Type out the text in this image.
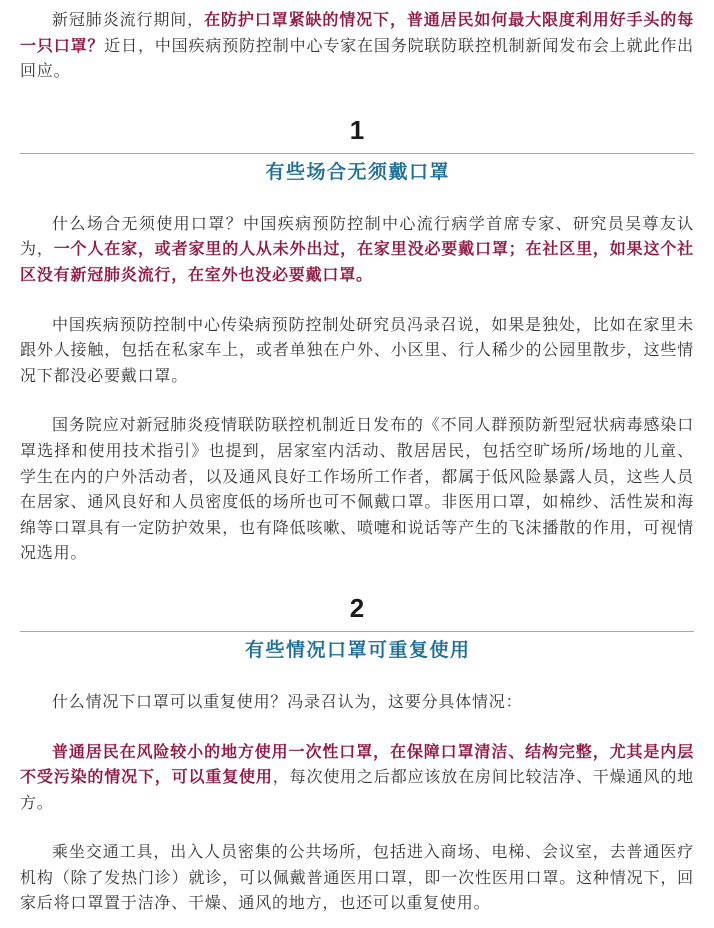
新冠肺炎流行期间，在防护口罩紧缺的情况下，普通居民如何最大限度利用好手头的每一只口罩？近日，中国疾病预防控制中心专家在国务院联防联控机制新闻发布会上就此作出回应。

1
有些场合无须戴口罩

什么场合无须使用口罩？中国疾病预防控制中心流行病学首席专家、研究员吴尊友认为，一个人在家，或者家里的人从未外出过，在家里没必要戴口罩；在社区里，如果这个社区没有新冠肺炎流行，在室外也没必要戴口罩。

中国疾病预防控制中心传染病预防控制处研究员冯录召说，如果是独处，比如在家里未跟外人接触，包括在私家车上，或者单独在户外、小区里、行人稀少的公园里散步，这些情况下都没必要戴口罩。

国务院应对新冠肺炎疫情联防联控机制近日发布的《不同人群预防新型冠状病毒感染口罩选择和使用技术指引》也提到，居家室内活动、散居居民，包括空旷场所/场地的儿童、学生在内的户外活动者，以及通风良好工作场所工作者，都属于低风险暴露人员，这些人员在居家、通风良好和人员密度低的场所也可不佩戴口罩。非医用口罩，如棉纱、活性炭和海绵等口罩具有一定防护效果，也有降低咳嗽、喷嚏和说话等产生的飞沫播散的作用，可视情况选用。

2
有些情况口罩可重复使用

什么情况下口罩可以重复使用？冯录召认为，这要分具体情况：

普通居民在风险较小的地方使用一次性口罩，在保障口罩清洁、结构完整，尤其是内层不受污染的情况下，可以重复使用，每次使用之后都应该放在房间比较洁净、干燥通风的地方。

乘坐交通工具，出入人员密集的公共场所，包括进入商场、电梯、会议室，去普通医疗机构（除了发热门诊）就诊，可以佩戴普通医用口罩，即一次性医用口罩。这种情况下，回家后将口罩置于洁净、干燥、通风的地方，也还可以重复使用。
